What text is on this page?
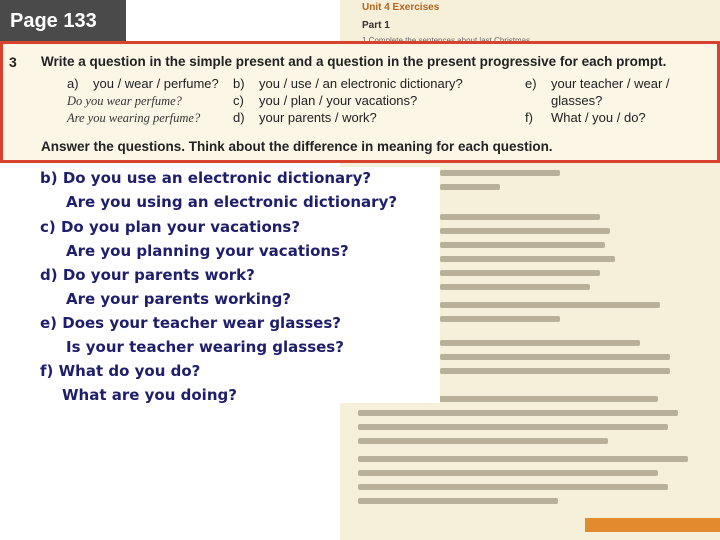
Unit 4 Exercises
Part 1
Page 133
3 Write a question in the simple present and a question in the present progressive for each prompt.
a) you / wear / perfume? b) you / use / an electronic dictionary?
c) you / plan / your vacations?
d) your parents / work?
e) your teacher / wear /
glasses?
f) What / you / do?
Do you wear perfume?
Are you wearing perfume?
Answer the questions. Think about the difference in meaning for each question.
b) Do you use an electronic dictionary?
Are you using an electronic dictionary?
c) Do you plan your vacations?
Are you planning your vacations?
d) Do your parents work?
Are your parents working?
e) Does your teacher wear glasses?
Is your teacher wearing glasses?
f) What do you do?
What are you doing?
